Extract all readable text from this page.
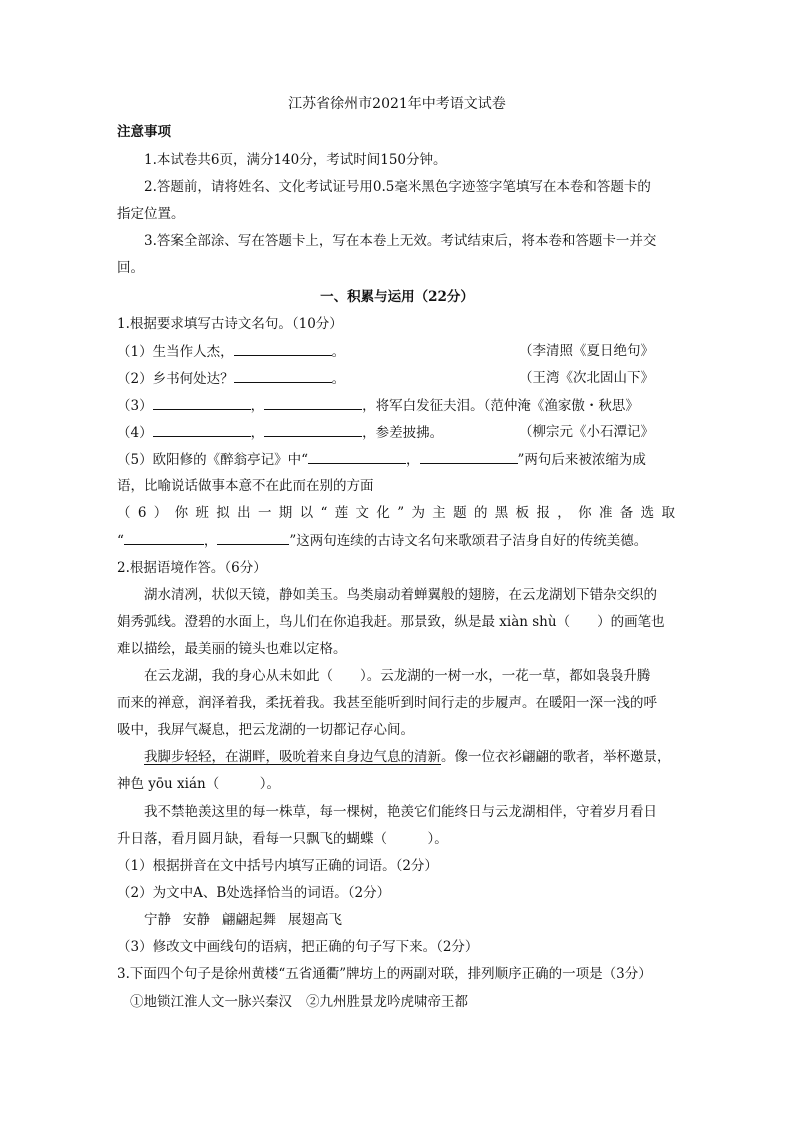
江苏省徐州市2021年中考语文试卷
注意事项
1.本试卷共6页，满分140分，考试时间150分钟。
2.答题前，请将姓名、文化考试证号用0.5毫米黑色字迹签字笔填写在本卷和答题卡的
指定位置。
3.答案全部涂、写在答题卡上，写在本卷上无效。考试结束后，将本卷和答题卡一并交
回。
一、积累与运用（22分）
1.根据要求填写古诗文名句。（10分）
（1）生当作人杰，	。	（李清照《夏日绝句》
（2）乡书何处达？	。	（王湾《次北固山下》
（3）	，	，将军白发征夫泪。（范仲淹《渔家傲・秋思》
（4）	，	，参差披拂。	（柳宗元《小石潭记》
（5）欧阳修的《醉翁亭记》中“	，	”两句后来被浓缩为成
语，比喻说话做事本意不在此而在别的方面
（6）你班拟出一期以“莲文化”为主题的黑板报，你准备选取
“	，	”这两句连续的古诗文名句来歌颂君子洁身自好的传统美德。
2.根据语境作答。（6分）
湖水清冽，状似天镜，静如美玉。鸟类扇动着蝉翼般的翅膀，在云龙湖划下错杂交织的
娟秀弧线。澄碧的水面上，鸟儿们在你追我赶。那景致，纵是最 xiàn shù（　　）的画笔也
难以描绘，最美丽的镜头也难以定格。
在云龙湖，我的身心从未如此（　　）。云龙湖的一树一水，一花一草，都如袅袅升腾
而来的禅意，润泽着我，柔抚着我。我甚至能听到时间行走的步履声。在暖阳一深一浅的呼
吸中，我屏气凝息，把云龙湖的一切都记存心间。
我脚步轻轻，在湖畔，吸吮着来自身边气息的清新。像一位衣衫翩翩的歌者，举杯邀景，
神色 yōu xián（　　　）。
我不禁艳羡这里的每一株草，每一棵树，艳羡它们能终日与云龙湖相伴，守着岁月看日
升日落，看月圆月缺，看每一只飘飞的蝴蝶（　　　）。
（1）根据拼音在文中括号内填写正确的词语。（2分）
（2）为文中A、B处选择恰当的词语。（2分）
宁静 安静 翩翩起舞 展翅高飞
（3）修改文中画线句的语病，把正确的句子写下来。（2分）
3.下面四个句子是徐州黄楼“五省通衢”牌坊上的两副对联，排列顺序正确的一项是（3分）
①地锁江淮人文一脉兴秦汉 ②九州胜景龙吟虎啸帝王都
